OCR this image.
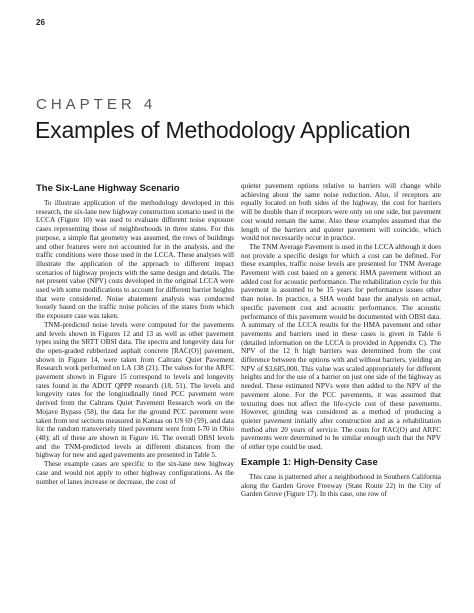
26
CHAPTER 4
Examples of Methodology Application
The Six-Lane Highway Scenario

To illustrate application of the methodology developed in this research, the six-lane new highway construction scenario used in the LCCA (Figure 10) was used to evaluate different noise exposure cases representing those of neighborhoods in three states. For this purpose, a simple flat geometry was assumed, the rows of buildings and other features were not accounted for in the analysis, and the traffic conditions were those used in the LCCA. These analyses will illustrate the application of the approach to different impact scenarios of highway projects with the same design and details. The net present value (NPV) costs developed in the original LCCA were used with some modifications to account for different barrier heights that were considered. Noise abatement analysis was conducted loosely based on the traffic noise policies of the states from which the exposure case was taken.

TNM-predicted noise levels were computed for the pavements and levels shown in Figures 12 and 13 as well as other pavement types using the SRTT OBSI data. The spectra and longevity data for the open-graded rubberized asphalt concrete [RAC(O)] pavement, shown in Figure 14, were taken from Caltrans Quiet Pavement Research work performed on LA 138 (21). The values for the ARFC pavement shown in Figure 15 correspond to levels and longevity rates found in the ADOT QPPP research (18, 51). The levels and longevity rates for the longitudinally tined PCC pavement were derived from the Caltrans Quiet Pavement Research work on the Mojave Bypass (58), the data for the ground PCC pavement were taken from test sections measured in Kansas on US 69 (59), and data for the random transversely tined pavement were from I-70 in Ohio (48); all of these are shown in Figure 16. The overall OBSI levels and the TNM-predicted levels at different distances from the highway for new and aged pavements are presented in Table 5.

These example cases are specific to the six-lane new highway case and would not apply to other highway configurations. As the number of lanes increase or decrease, the cost of

quieter pavement options relative to barriers will change while achieving about the same noise reduction. Also, if receptors are equally located on both sides of the highway, the cost for barriers will be double than if receptors were only on one side, but pavement cost would remain the same. Also these examples assumed that the length of the barriers and quieter pavement will coincide, which would not necessarily occur in practice.

The TNM Average Pavement is used in the LCCA although it does not provide a specific design for which a cost can be defined. For these examples, traffic noise levels are presented for TNM Average Pavement with cost based on a generic HMA pavement without an added cost for acoustic performance. The rehabilitation cycle for this pavement is assumed to be 15 years for performance issues other than noise. In practice, a SHA would base the analysis on actual, specific pavement cost and acoustic performance. The acoustic performance of this pavement would be documented with OBSI data. A summary of the LCCA results for the HMA pavement and other pavements and barriers used in these cases is given in Table 6 (detailed information on the LCCA is provided in Appendix C). The NPV of the 12 ft high barriers was determined from the cost difference between the options with and without barriers, yielding an NPV of $3,685,000. This value was scaled appropriately for different heights and for the use of a barrier on just one side of the highway as needed. These estimated NPVs were then added to the NPV of the pavement alone. For the PCC pavements, it was assumed that texturing does not affect the life-cycle cost of these pavements. However, grinding was considered as a method of producing a quieter pavement initially after construction and as a rehabilitation method after 20 years of service. The costs for RAC(O) and ARFC pavements were determined to be similar enough such that the NPV of either type could be used.

Example 1: High-Density Case

This case is patterned after a neighborhood in Southern California along the Garden Grove Freeway (State Route 22) in the City of Garden Grove (Figure 17). In this case, one row of
